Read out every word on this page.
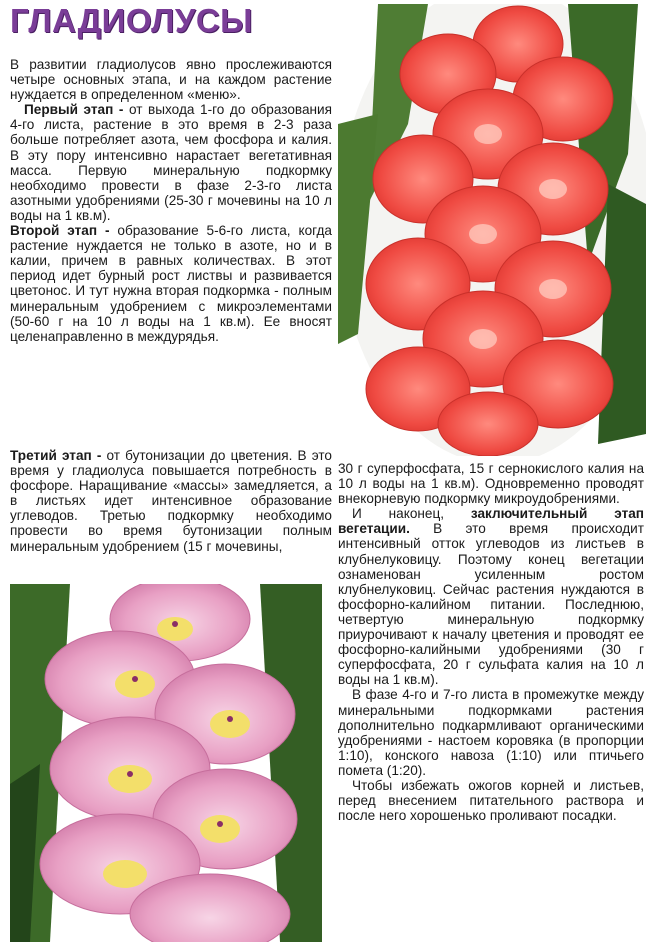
ГЛАДИОЛУСЫ

В развитии гладиолусов явно прослеживаются четыре основных этапа, и на каждом растение нуждается в определенном «меню».

Первый этап - от выхода 1-го до образования 4-го листа, растение в это время в 2-3 раза больше потребляет азота, чем фосфора и калия. В эту пору интенсивно нарастает вегетативная масса. Первую минеральную подкормку необходимо провести в фазе 2-3-го листа азотными удобрениями (25-30 г мочевины на 10 л воды на 1 кв.м).

Второй этап - образование 5-6-го листа, когда растение нуждается не только в азоте, но и в калии, причем в равных количествах. В этот период идет бурный рост листвы и развивается цветонос. И тут нужна вторая подкормка - полным минеральным удобрением с микроэлементами (50-60 г на 10 л воды на 1 кв.м). Ее вносят целенаправленно в междурядья.

Третий этап - от бутонизации до цветения. В это время у гладиолуса повышается потребность в фосфоре. Наращивание «массы» замедляется, а в листьях идет интенсивное образование углеводов. Третью подкормку необходимо провести во время бутонизации полным минеральным удобрением (15 г мочевины,

30 г суперфосфата, 15 г сернокислого калия на 10 л воды на 1 кв.м). Одновременно проводят внекорневую подкормку микроудобрениями.

И наконец, заключительный этап вегетации. В это время происходит интенсивный отток углеводов из листьев в клубнелуковицу. Поэтому конец вегетации ознаменован усиленным ростом клубнелуковиц. Сейчас растения нуждаются в фосфорно-калийном питании. Последнюю, четвертую минеральную подкормку приурочивают к началу цветения и проводят ее фосфорно-калийными удобрениями (30 г суперфосфата, 20 г сульфата калия на 10 л воды на 1 кв.м).

В фазе 4-го и 7-го листа в промежутке между минеральными подкормками растения дополнительно подкармливают органическими удобрениями - настоем коровяка (в пропорции 1:10), конского навоза (1:10) или птичьего помета (1:20).

Чтобы избежать ожогов корней и листьев, перед внесением питательного раствора и после него хорошенько проливают посадки.
